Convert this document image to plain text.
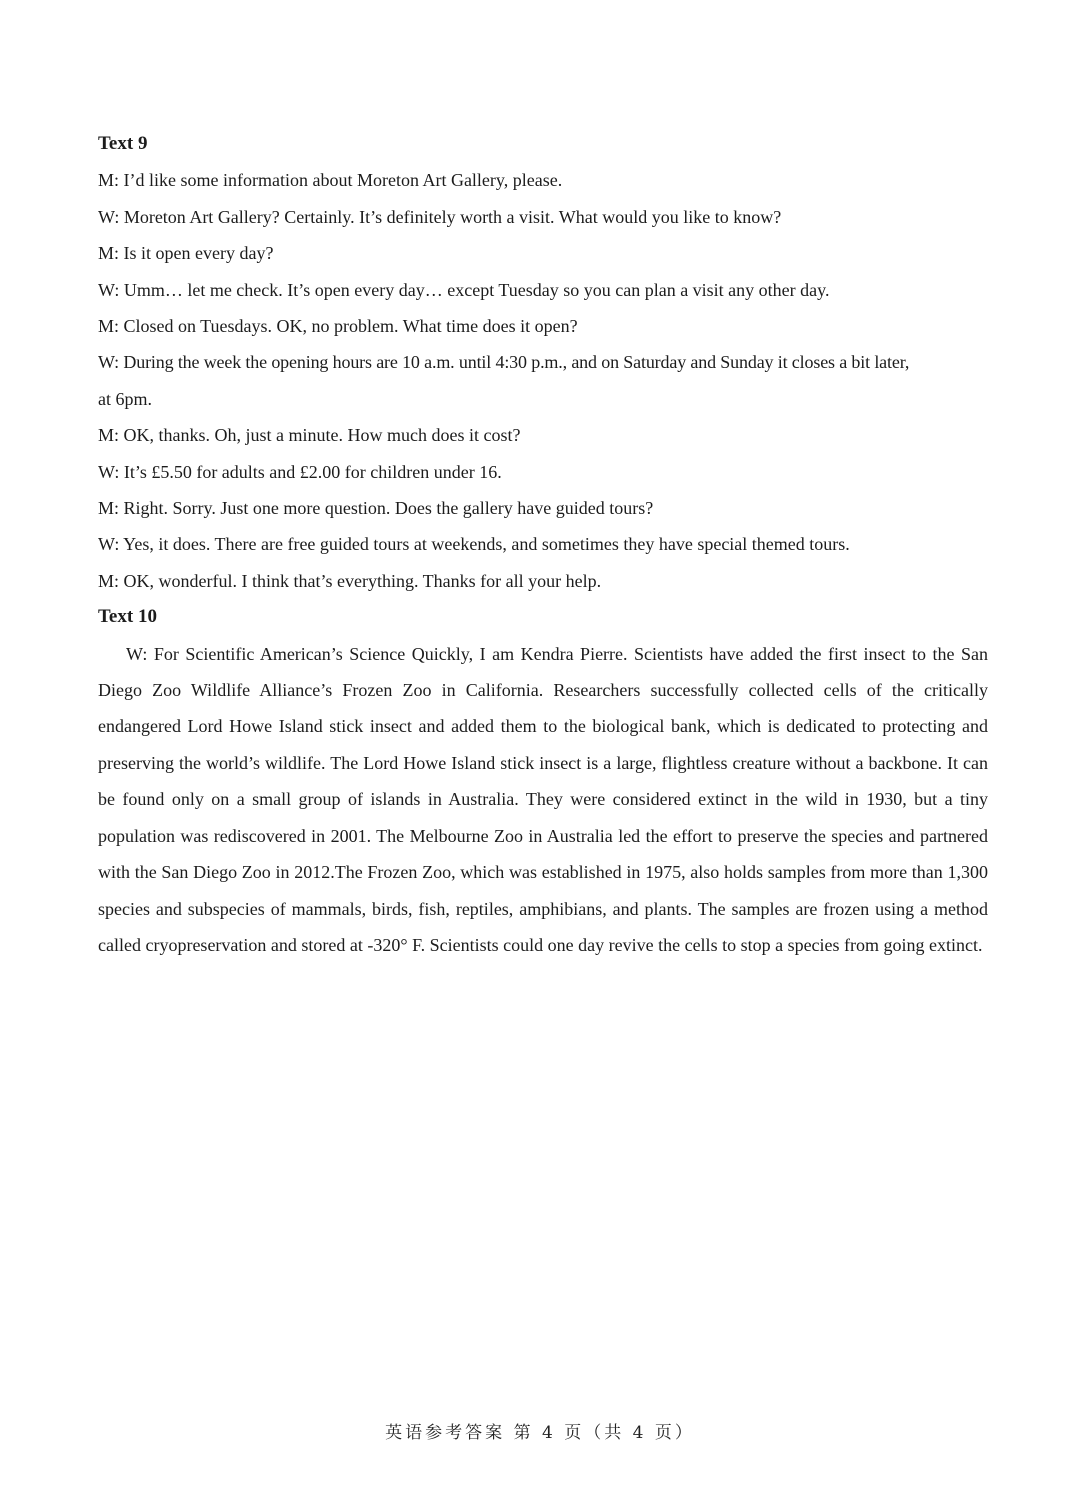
Text 9
M: I’d like some information about Moreton Art Gallery, please.
W: Moreton Art Gallery? Certainly. It’s definitely worth a visit. What would you like to know?
M: Is it open every day?
W: Umm… let me check. It’s open every day… except Tuesday so you can plan a visit any other day.
M: Closed on Tuesdays. OK, no problem. What time does it open?
W: During the week the opening hours are 10 a.m. until 4:30 p.m., and on Saturday and Sunday it closes a bit later,
at 6pm.
M: OK, thanks. Oh, just a minute. How much does it cost?
W: It’s £5.50 for adults and £2.00 for children under 16.
M: Right. Sorry. Just one more question. Does the gallery have guided tours?
W: Yes, it does. There are free guided tours at weekends, and sometimes they have special themed tours.
M: OK, wonderful. I think that’s everything. Thanks for all your help.
Text 10

W: For Scientific American’s Science Quickly, I am Kendra Pierre. Scientists have added the first insect to the San Diego Zoo Wildlife Alliance’s Frozen Zoo in California. Researchers successfully collected cells of the critically endangered Lord Howe Island stick insect and added them to the biological bank, which is dedicated to protecting and preserving the world’s wildlife. The Lord Howe Island stick insect is a large, flightless creature without a backbone. It can be found only on a small group of islands in Australia. They were considered extinct in the wild in 1930, but a tiny population was rediscovered in 2001. The Melbourne Zoo in Australia led the effort to preserve the species and partnered with the San Diego Zoo in 2012.The Frozen Zoo, which was established in 1975, also holds samples from more than 1,300 species and subspecies of mammals, birds, fish, reptiles, amphibians, and plants. The samples are frozen using a method called cryopreservation and stored at -320° F. Scientists could one day revive the cells to stop a species from going extinct.

英语参考答案 第 4 页（共 4 页）
